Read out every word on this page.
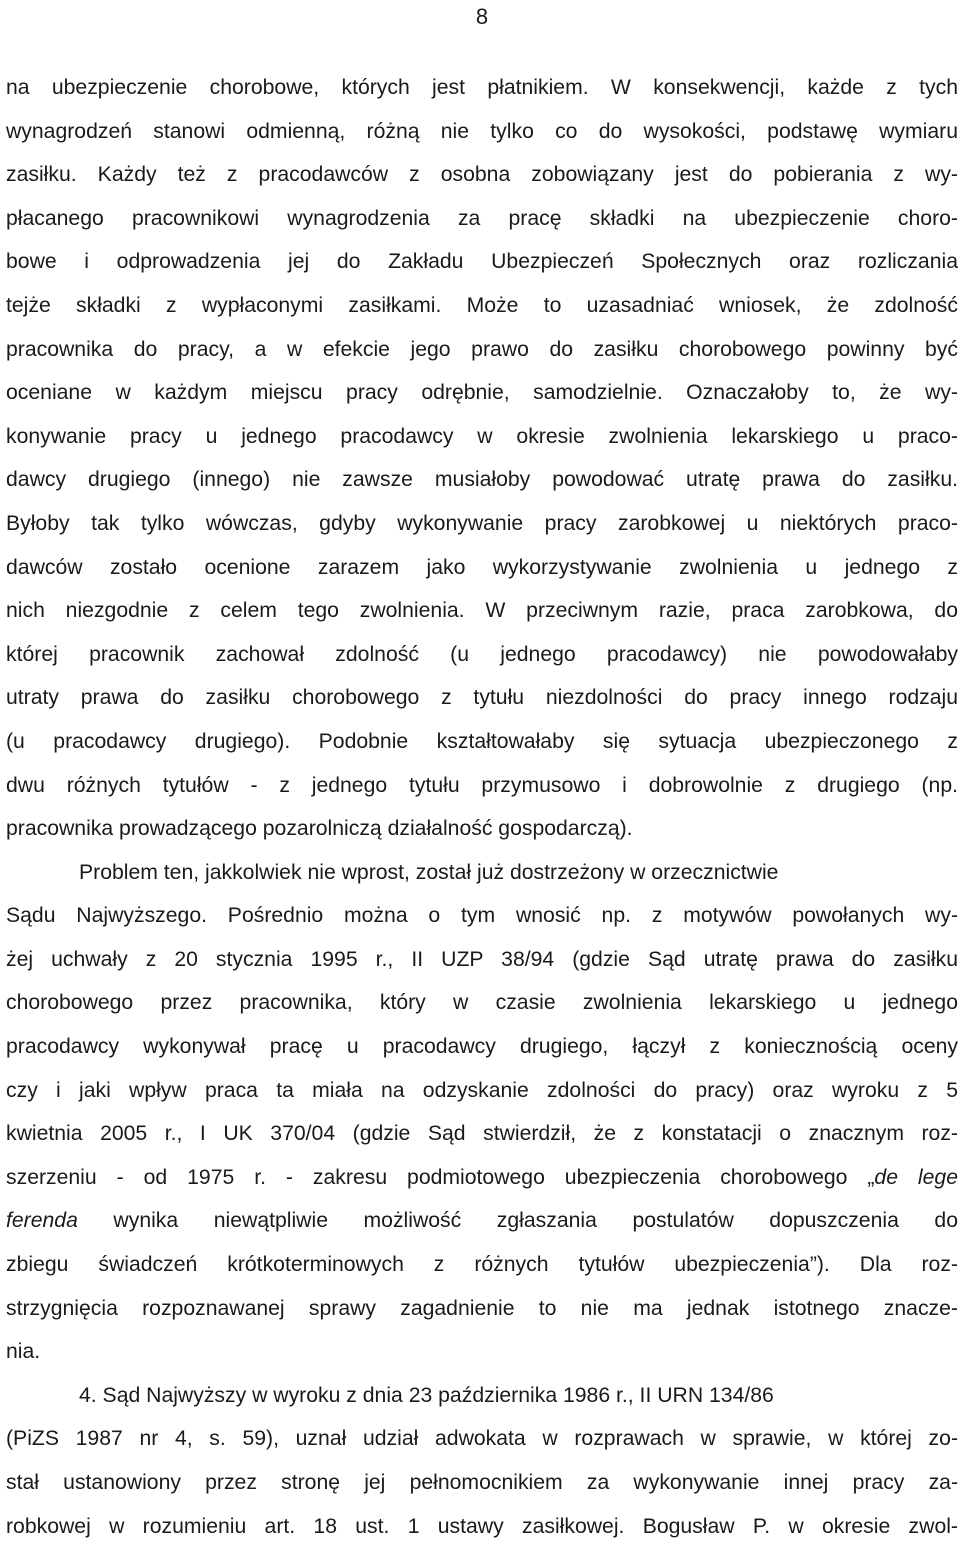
8
na ubezpieczenie chorobowe, których jest płatnikiem. W konsekwencji, każde z tych
wynagrodzeń stanowi odmienną, różną nie tylko co do wysokości, podstawę wymiaru
zasiłku. Każdy też z pracodawców z osobna zobowiązany jest do pobierania z wy-
płacanego pracownikowi wynagrodzenia za pracę składki na ubezpieczenie choro-
bowe i odprowadzenia jej do Zakładu Ubezpieczeń Społecznych oraz rozliczania
tejże składki z wypłaconymi zasiłkami. Może to uzasadniać wniosek, że zdolność
pracownika do pracy, a w efekcie jego prawo do zasiłku chorobowego powinny być
oceniane w każdym miejscu pracy odrębnie, samodzielnie. Oznaczałoby to, że wy-
konywanie pracy u jednego pracodawcy w okresie zwolnienia lekarskiego u praco-
dawcy drugiego (innego) nie zawsze musiałoby powodować utratę prawa do zasiłku.
Byłoby tak tylko wówczas, gdyby wykonywanie pracy zarobkowej u niektórych praco-
dawców zostało ocenione zarazem jako wykorzystywanie zwolnienia u jednego z
nich niezgodnie z celem tego zwolnienia. W przeciwnym razie, praca zarobkowa, do
której pracownik zachował zdolność (u jednego pracodawcy) nie powodowałaby
utraty prawa do zasiłku chorobowego z tytułu niezdolności do pracy innego rodzaju
(u pracodawcy drugiego). Podobnie kształtowałaby się sytuacja ubezpieczonego z
dwu różnych tytułów - z jednego tytułu przymusowo i dobrowolnie z drugiego (np.
pracownika prowadzącego pozarolniczą działalność gospodarczą).
Problem ten, jakkolwiek nie wprost, został już dostrzeżony w orzecznictwie
Sądu Najwyższego. Pośrednio można o tym wnosić np. z motywów powołanych wy-
żej uchwały z 20 stycznia 1995 r., II UZP 38/94 (gdzie Sąd utratę prawa do zasiłku
chorobowego przez pracownika, który w czasie zwolnienia lekarskiego u jednego
pracodawcy wykonywał pracę u pracodawcy drugiego, łączył z koniecznością oceny
czy i jaki wpływ praca ta miała na odzyskanie zdolności do pracy) oraz wyroku z 5
kwietnia 2005 r., I UK 370/04 (gdzie Sąd stwierdził, że z konstatacji o znacznym roz-
szerzeniu - od 1975 r. - zakresu podmiotowego ubezpieczenia chorobowego „de lege
ferenda wynika niewątpliwie możliwość zgłaszania postulatów dopuszczenia do
zbiegu świadczeń krótkoterminowych z różnych tytułów ubezpieczenia”). Dla roz-
strzygnięcia rozpoznawanej sprawy zagadnienie to nie ma jednak istotnego znacze-
nia.
4. Sąd Najwyższy w wyroku z dnia 23 października 1986 r., II URN 134/86
(PiZS 1987 nr 4, s. 59), uznał udział adwokata w rozprawach w sprawie, w której zo-
stał ustanowiony przez stronę jej pełnomocnikiem za wykonywanie innej pracy za-
robkowej w rozumieniu art. 18 ust. 1 ustawy zasiłkowej. Bogusław P. w okresie zwol-
